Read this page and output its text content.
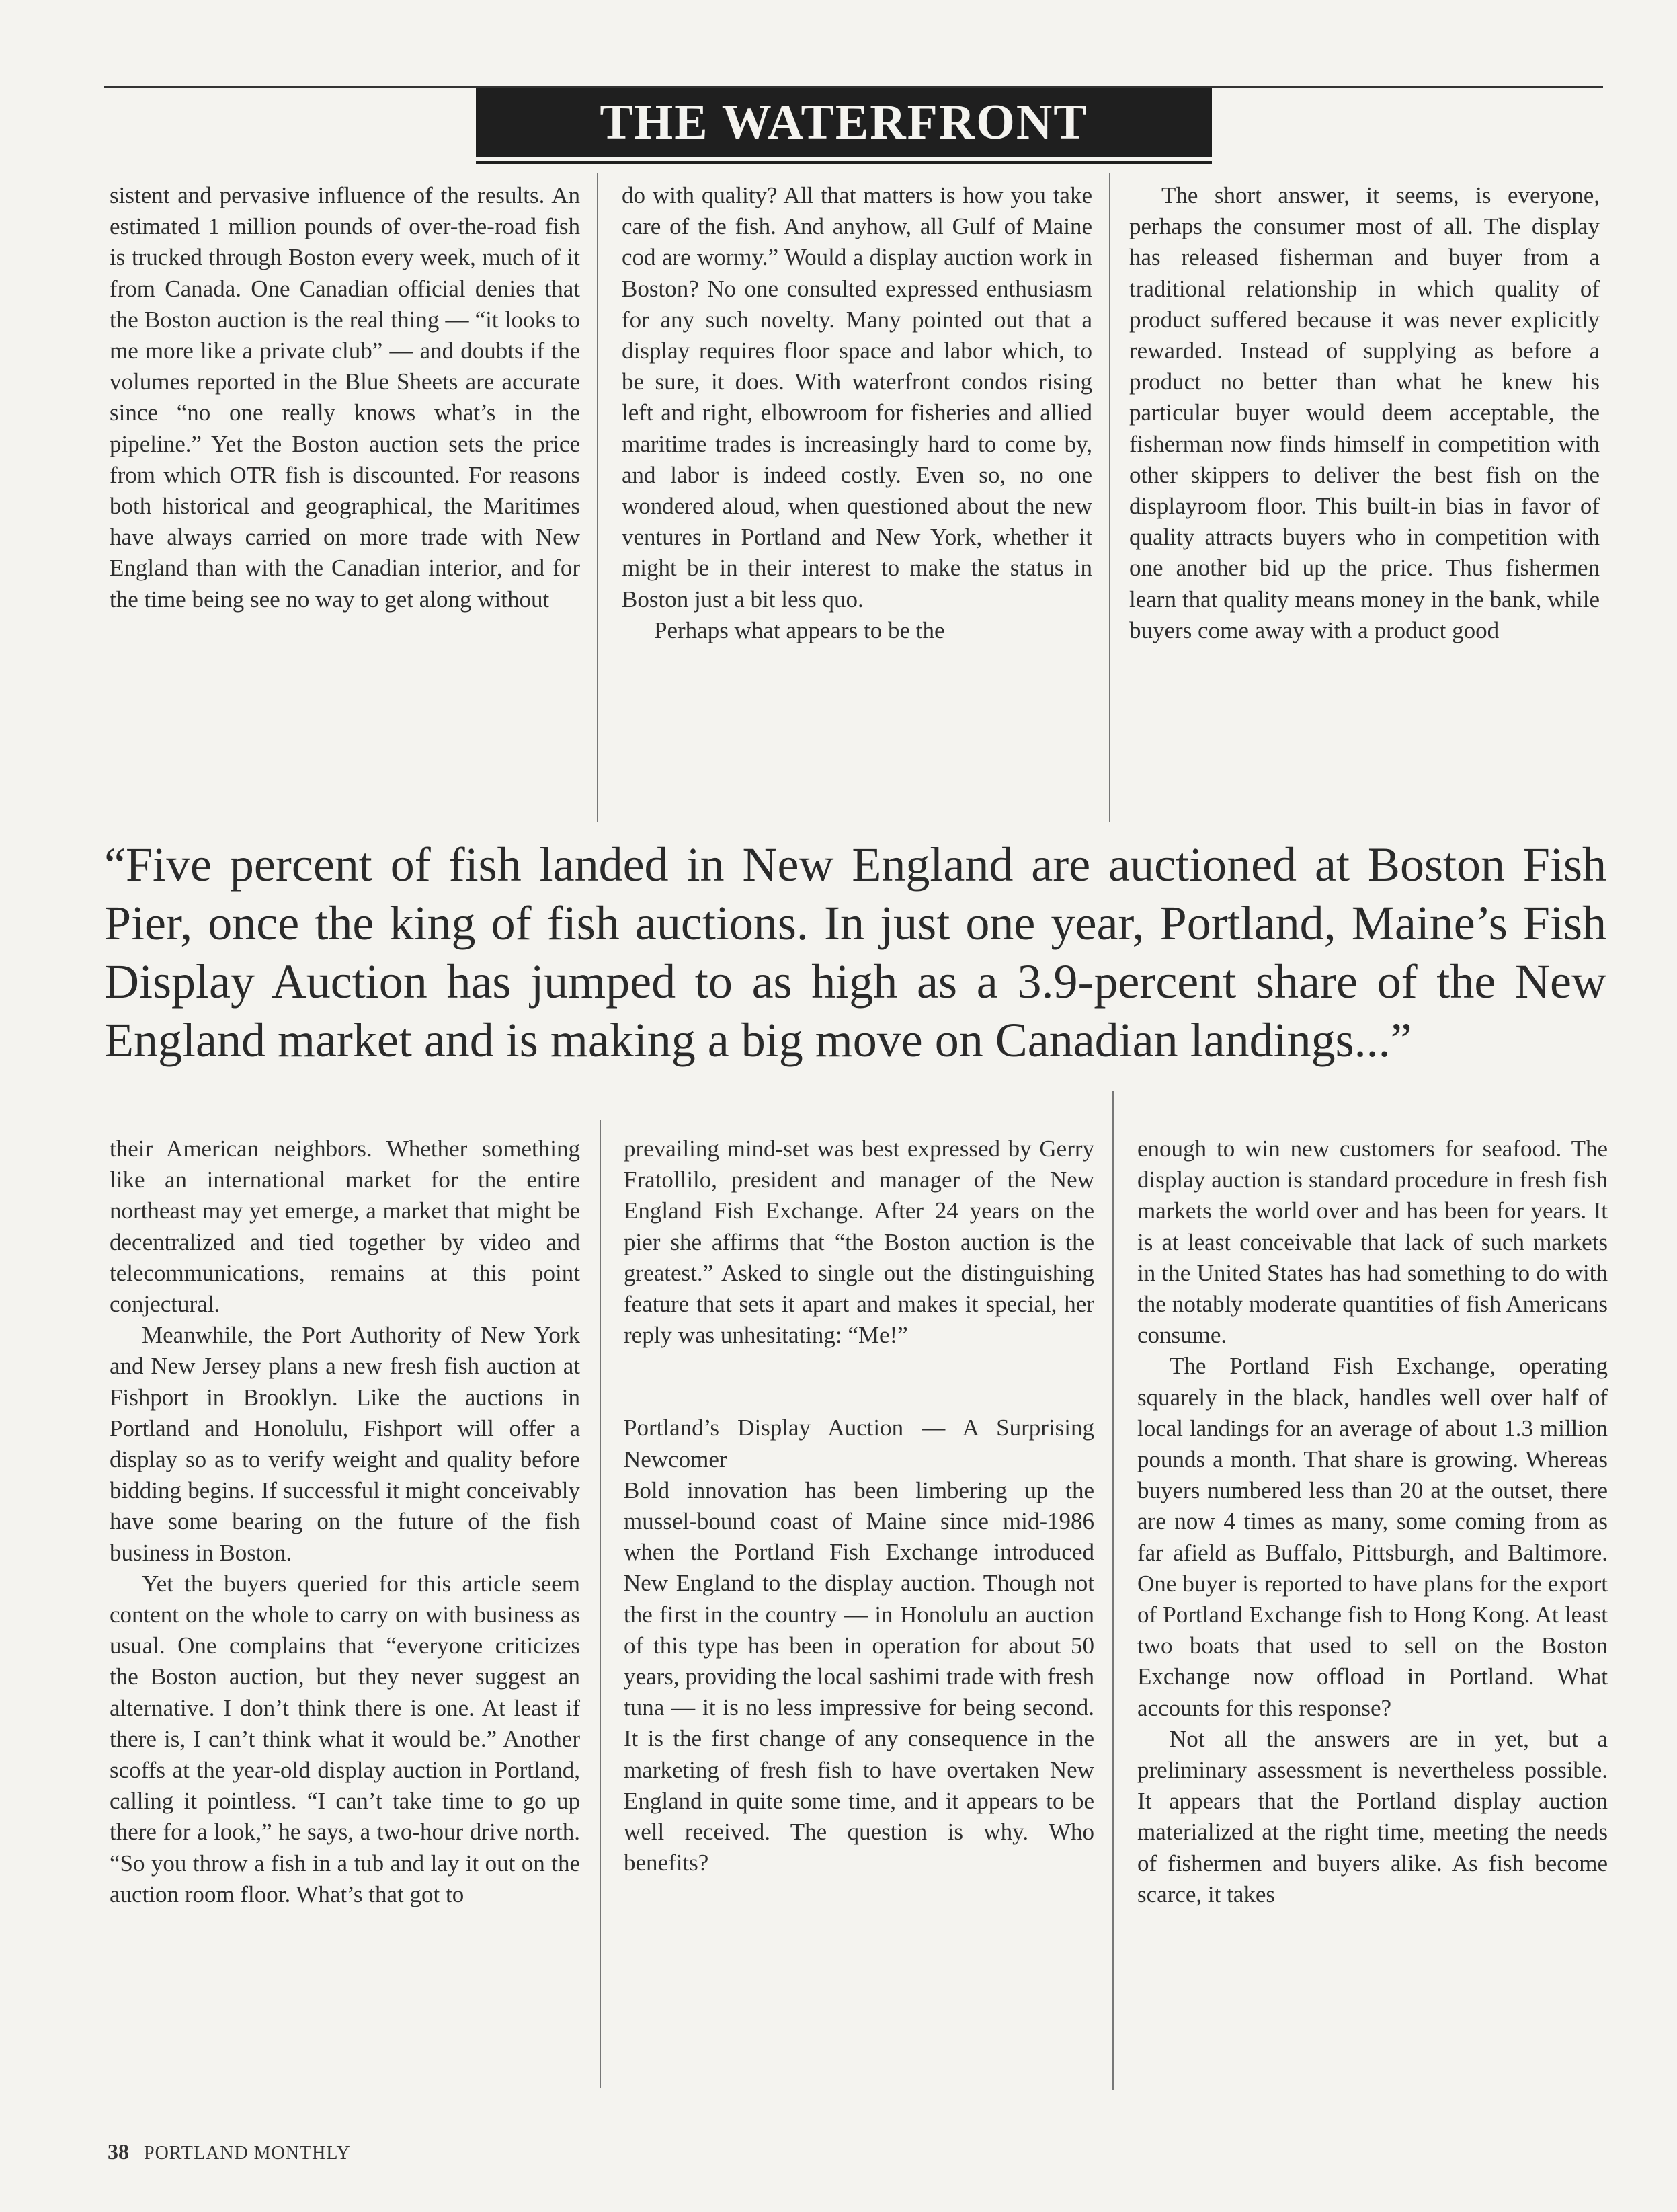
THE WATERFRONT

sistent and pervasive influence of the results. An estimated 1 million pounds of over-the-road fish is trucked through Boston every week, much of it from Canada. One Canadian official denies that the Boston auction is the real thing — “it looks to me more like a private club” — and doubts if the volumes reported in the Blue Sheets are accurate since “no one really knows what’s in the pipeline.” Yet the Boston auction sets the price from which OTR fish is discounted. For reasons both historical and geographical, the Maritimes have always carried on more trade with New England than with the Canadian interior, and for the time being see no way to get along without

do with quality? All that matters is how you take care of the fish. And anyhow, all Gulf of Maine cod are wormy.” Would a display auction work in Boston? No one consulted expressed enthusiasm for any such novelty. Many pointed out that a display requires floor space and labor which, to be sure, it does. With waterfront condos rising left and right, elbowroom for fisheries and allied maritime trades is increasingly hard to come by, and labor is indeed costly. Even so, no one wondered aloud, when questioned about the new ventures in Portland and New York, whether it might be in their interest to make the status in Boston just a bit less quo.

Perhaps what appears to be the

The short answer, it seems, is everyone, perhaps the consumer most of all. The display has released fisherman and buyer from a traditional relationship in which quality of product suffered because it was never explicitly rewarded. Instead of supplying as before a product no better than what he knew his particular buyer would deem acceptable, the fisherman now finds himself in competition with other skippers to deliver the best fish on the displayroom floor. This built-in bias in favor of quality attracts buyers who in competition with one another bid up the price. Thus fishermen learn that quality means money in the bank, while buyers come away with a product good

“Five percent of fish landed in New England are auctioned at Boston Fish Pier, once the king of fish auctions. In just one year, Portland, Maine’s Fish Display Auction has jumped to as high as a 3.9-percent share of the New England market and is making a big move on Canadian landings...”

their American neighbors. Whether something like an international market for the entire northeast may yet emerge, a market that might be decentralized and tied together by video and telecommunications, remains at this point conjectural.

Meanwhile, the Port Authority of New York and New Jersey plans a new fresh fish auction at Fishport in Brooklyn. Like the auctions in Portland and Honolulu, Fishport will offer a display so as to verify weight and quality before bidding begins. If successful it might conceivably have some bearing on the future of the fish business in Boston.

Yet the buyers queried for this article seem content on the whole to carry on with business as usual. One complains that “everyone criticizes the Boston auction, but they never suggest an alternative. I don’t think there is one. At least if there is, I can’t think what it would be.” Another scoffs at the year-old display auction in Portland, calling it pointless. “I can’t take time to go up there for a look,” he says, a two-hour drive north. “So you throw a fish in a tub and lay it out on the auction room floor. What’s that got to

prevailing mind-set was best expressed by Gerry Fratollilo, president and manager of the New England Fish Exchange. After 24 years on the pier she affirms that “the Boston auction is the greatest.” Asked to single out the distinguishing feature that sets it apart and makes it special, her reply was unhesitating: “Me!”

Portland’s Display Auction — A Surprising Newcomer

Bold innovation has been limbering up the mussel-bound coast of Maine since mid-1986 when the Portland Fish Exchange introduced New England to the display auction. Though not the first in the country — in Honolulu an auction of this type has been in operation for about 50 years, providing the local sashimi trade with fresh tuna — it is no less impressive for being second. It is the first change of any consequence in the marketing of fresh fish to have overtaken New England in quite some time, and it appears to be well received. The question is why. Who benefits?

enough to win new customers for seafood. The display auction is standard procedure in fresh fish markets the world over and has been for years. It is at least conceivable that lack of such markets in the United States has had something to do with the notably moderate quantities of fish Americans consume.

The Portland Fish Exchange, operating squarely in the black, handles well over half of local landings for an average of about 1.3 million pounds a month. That share is growing. Whereas buyers numbered less than 20 at the outset, there are now 4 times as many, some coming from as far afield as Buffalo, Pittsburgh, and Baltimore. One buyer is reported to have plans for the export of Portland Exchange fish to Hong Kong. At least two boats that used to sell on the Boston Exchange now offload in Portland. What accounts for this response?

Not all the answers are in yet, but a preliminary assessment is nevertheless possible. It appears that the Portland display auction materialized at the right time, meeting the needs of fishermen and buyers alike. As fish become scarce, it takes

38 PORTLAND MONTHLY
